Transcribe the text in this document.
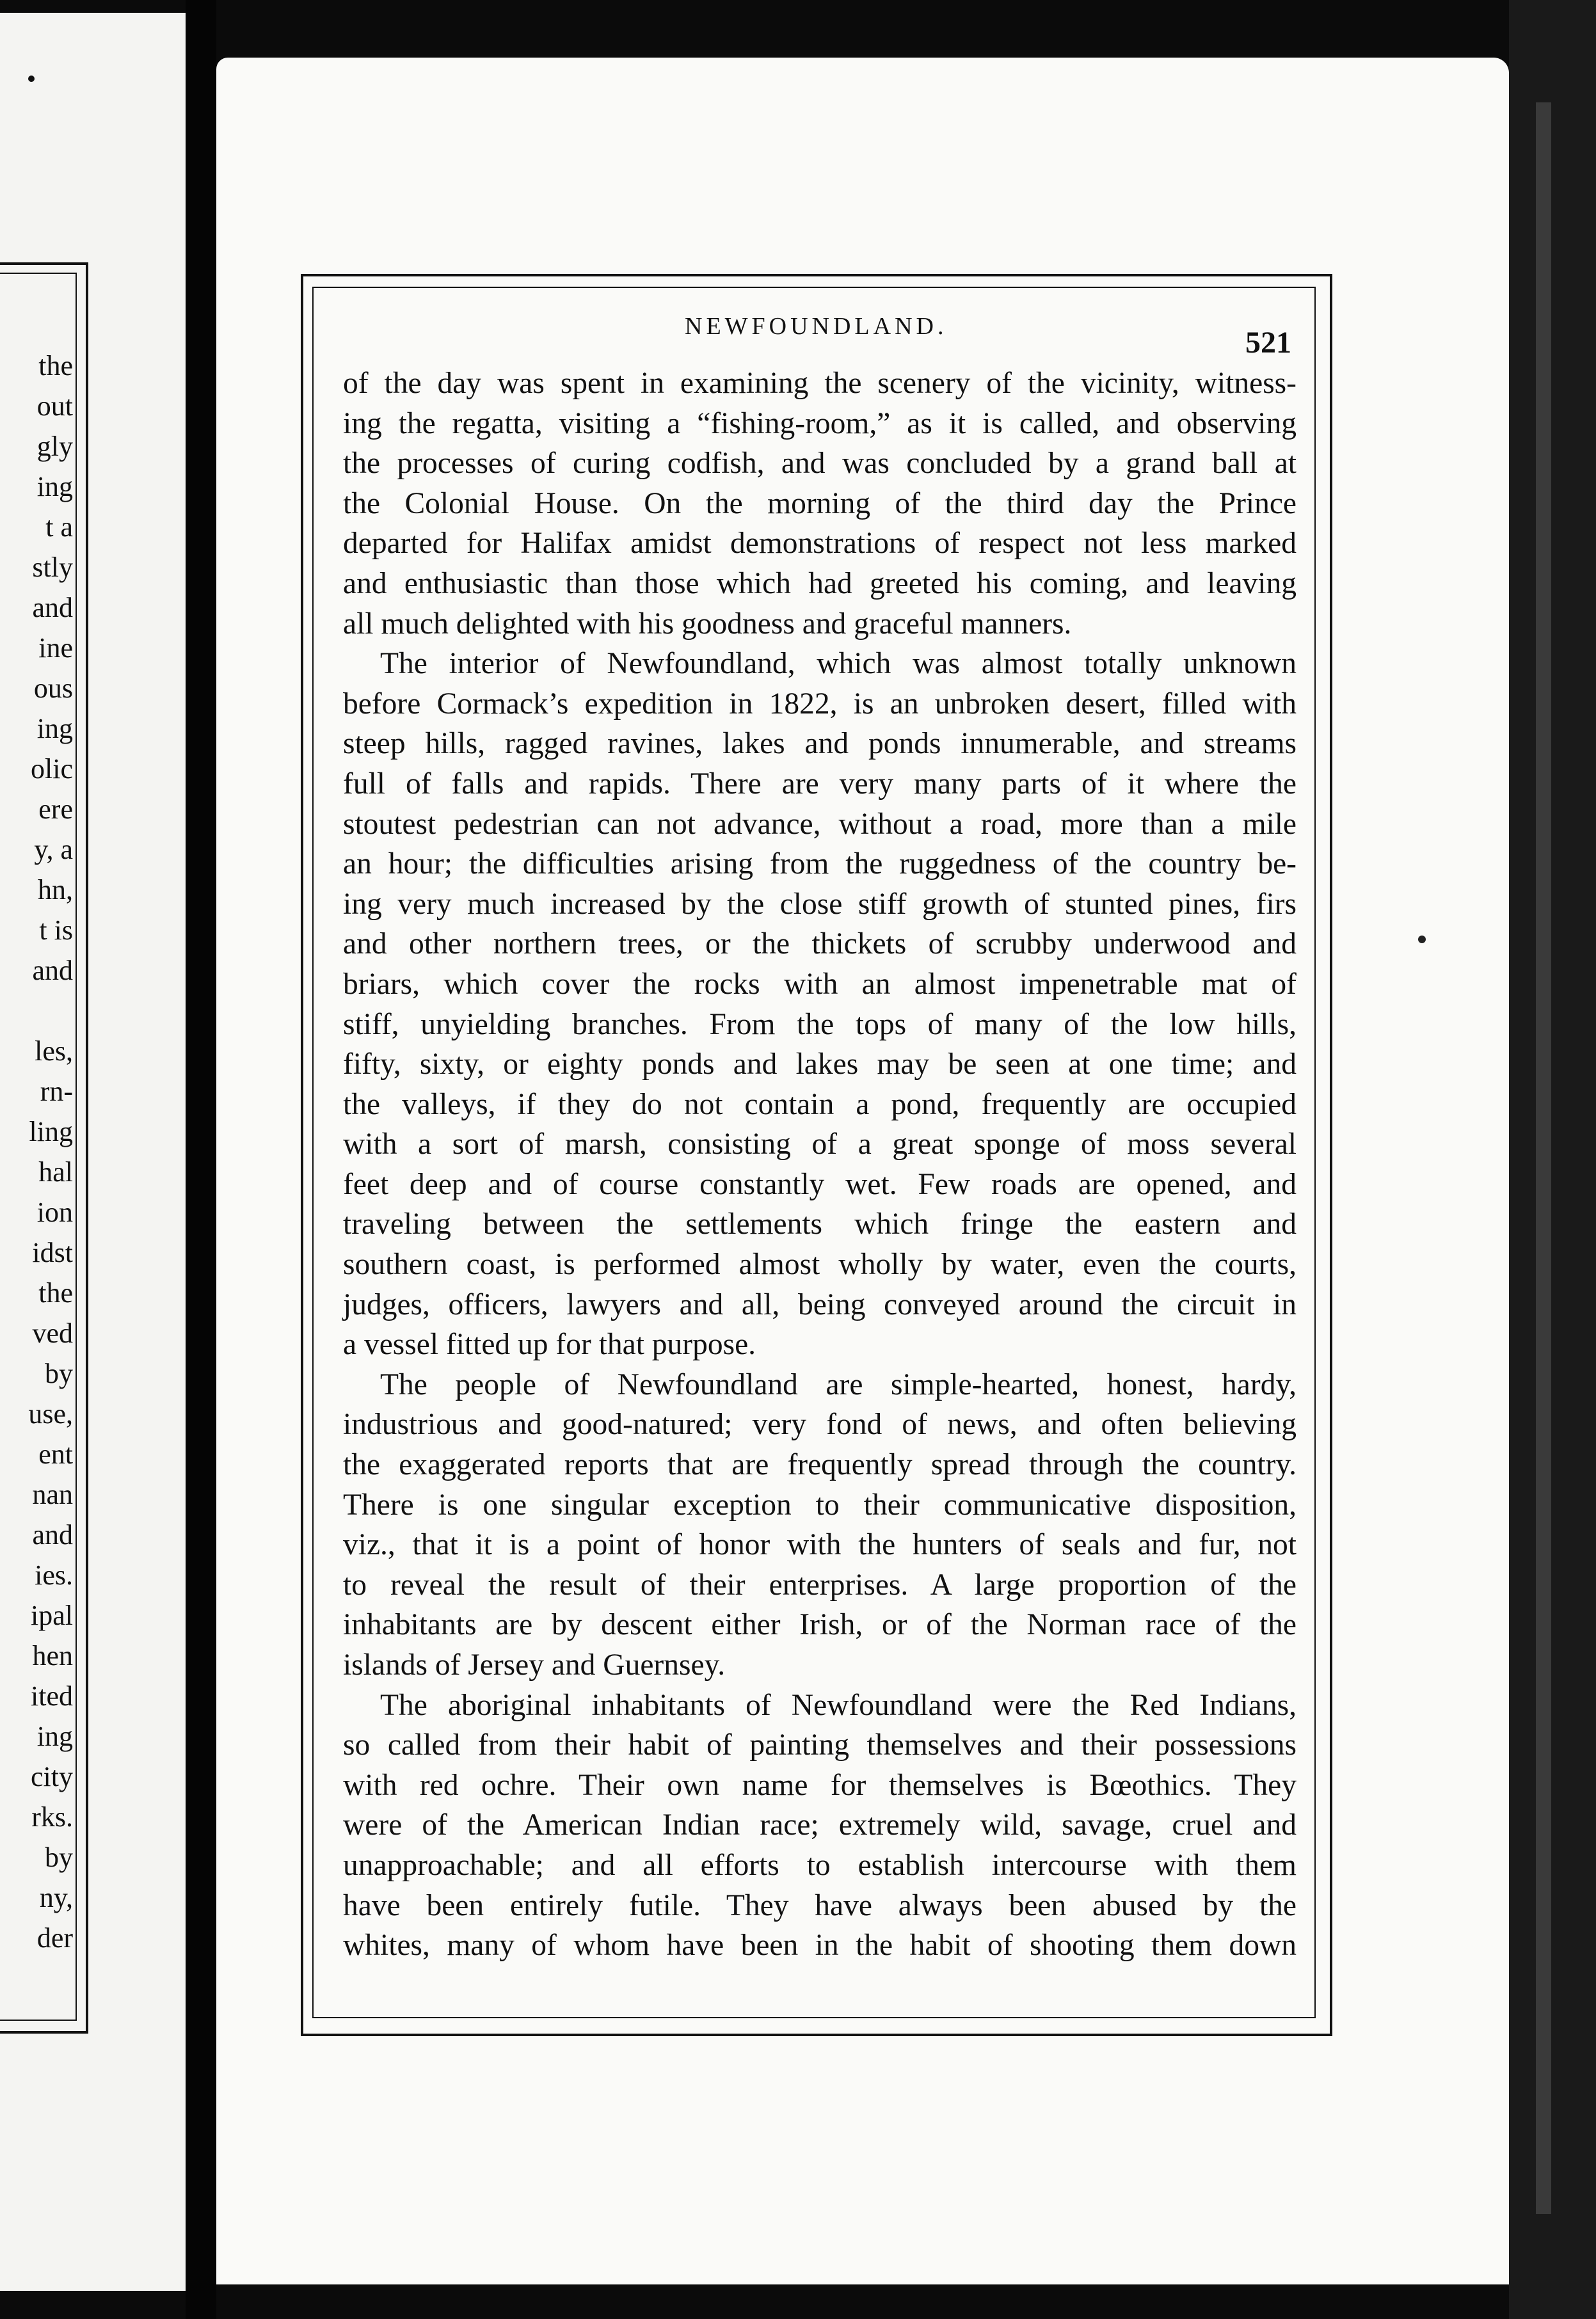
the
out
gly
ing
t a
stly
and
ine
ous
ing
olic
ere
y, a
hn,
t is
and
les,
rn-
ling
hal
ion
idst
the
ved
by
use,
ent
nan
and
ies.
ipal
hen
ited
ing
city
rks.
by
ny,
der
NEWFOUNDLAND.	521
of the day was spent in examining the scenery of the vicinity, witness-
ing the regatta, visiting a “fishing-room,” as it is called, and observing
the processes of curing codfish, and was concluded by a grand ball at
the Colonial House. On the morning of the third day the Prince
departed for Halifax amidst demonstrations of respect not less marked
and enthusiastic than those which had greeted his coming, and leaving
all much delighted with his goodness and graceful manners.
The interior of Newfoundland, which was almost totally unknown
before Cormack’s expedition in 1822, is an unbroken desert, filled with
steep hills, ragged ravines, lakes and ponds innumerable, and streams
full of falls and rapids. There are very many parts of it where the
stoutest pedestrian can not advance, without a road, more than a mile
an hour; the difficulties arising from the ruggedness of the country be-
ing very much increased by the close stiff growth of stunted pines, firs
and other northern trees, or the thickets of scrubby underwood and
briars, which cover the rocks with an almost impenetrable mat of
stiff, unyielding branches. From the tops of many of the low hills,
fifty, sixty, or eighty ponds and lakes may be seen at one time; and
the valleys, if they do not contain a pond, frequently are occupied
with a sort of marsh, consisting of a great sponge of moss several
feet deep and of course constantly wet. Few roads are opened, and
traveling between the settlements which fringe the eastern and
southern coast, is performed almost wholly by water, even the courts,
judges, officers, lawyers and all, being conveyed around the circuit in
a vessel fitted up for that purpose.
The people of Newfoundland are simple-hearted, honest, hardy,
industrious and good-natured; very fond of news, and often believing
the exaggerated reports that are frequently spread through the country.
There is one singular exception to their communicative disposition,
viz., that it is a point of honor with the hunters of seals and fur, not
to reveal the result of their enterprises. A large proportion of the
inhabitants are by descent either Irish, or of the Norman race of the
islands of Jersey and Guernsey.
The aboriginal inhabitants of Newfoundland were the Red Indians,
so called from their habit of painting themselves and their possessions
with red ochre. Their own name for themselves is Bœothics. They
were of the American Indian race; extremely wild, savage, cruel and
unapproachable; and all efforts to establish intercourse with them
have been entirely futile. They have always been abused by the
whites, many of whom have been in the habit of shooting them down
